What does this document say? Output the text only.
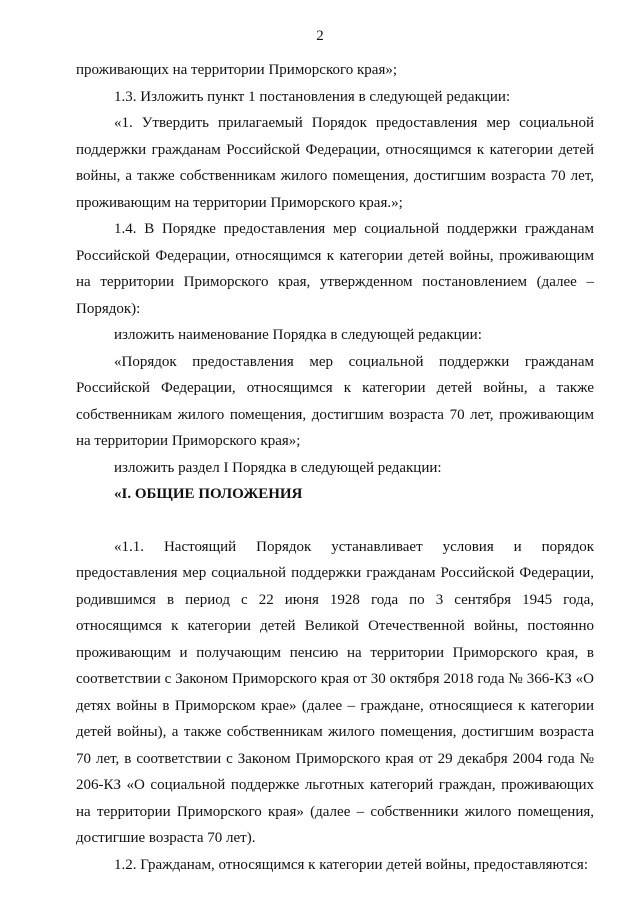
2

проживающих на территории Приморского края»;

1.3. Изложить пункт 1 постановления в следующей редакции:

«1. Утвердить прилагаемый Порядок предоставления мер социальной поддержки гражданам Российской Федерации, относящимся к категории детей войны, а также собственникам жилого помещения, достигшим возраста 70 лет, проживающим на территории Приморского края.»;

1.4. В Порядке предоставления мер социальной поддержки гражданам Российской Федерации, относящимся к категории детей войны, проживающим на территории Приморского края, утвержденном постановлением (далее – Порядок):

изложить наименование Порядка в следующей редакции:

«Порядок предоставления мер социальной поддержки гражданам Российской Федерации, относящимся к категории детей войны, а также собственникам жилого помещения, достигшим возраста 70 лет, проживающим на территории Приморского края»;

изложить раздел I Порядка в следующей редакции:

«I. ОБЩИЕ ПОЛОЖЕНИЯ

«1.1. Настоящий Порядок устанавливает условия и порядок предоставления мер социальной поддержки гражданам Российской Федерации, родившимся в период с 22 июня 1928 года по 3 сентября 1945 года, относящимся к категории детей Великой Отечественной войны, постоянно проживающим и получающим пенсию на территории Приморского края, в соответствии с Законом Приморского края от 30 октября 2018 года № 366-КЗ «О детях войны в Приморском крае» (далее – граждане, относящиеся к категории детей войны), а также собственникам жилого помещения, достигшим возраста 70 лет, в соответствии с Законом Приморского края от 29 декабря 2004 года № 206-КЗ «О социальной поддержке льготных категорий граждан, проживающих на территории Приморского края» (далее – собственники жилого помещения, достигшие возраста 70 лет).

1.2. Гражданам, относящимся к категории детей войны, предоставляются:
